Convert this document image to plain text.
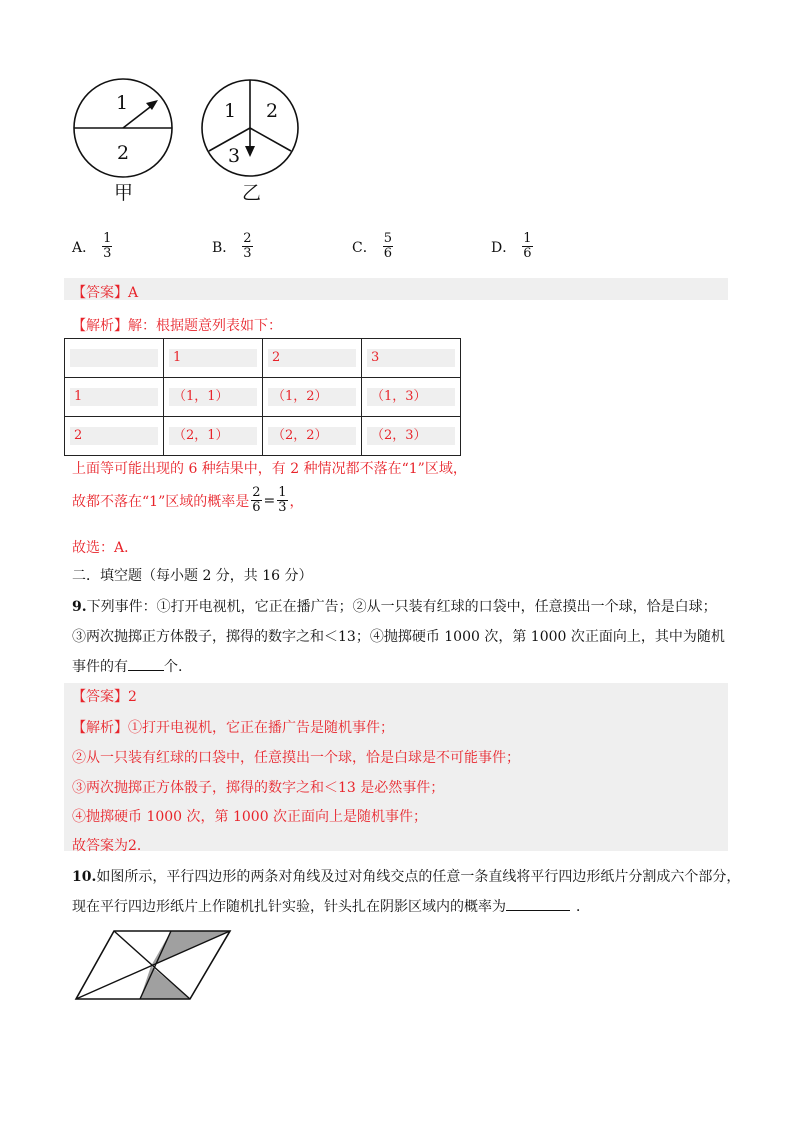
1
2
1 2
3
甲	乙
A． $\frac{1}{3}$	B． $\frac{2}{3}$	C． $\frac{5}{6}$	D． $\frac{1}{6}$
【答案】A
【解析】解：根据题意列表如下：

	1	2	3

1	（1，1）	（1，2）	（1，3）

2	（2，1）	（2，2）	（2，3）
上面等可能出现的 6 种结果中，有 2 种情况都不落在“1”区域，
故都不落在“1”区域的概率是 $\frac{2}{6} = \frac{1}{3}$ ，
故选：A．
二．填空题（每小题 2 分，共 16 分）
9.下列事件：①打开电视机，它正在播广告；②从一只装有红球的口袋中，任意摸出一个球，恰是白球；
③两次抛掷正方体骰子，掷得的数字之和＜13；④抛掷硬币 1000 次，第 1000 次正面向上，其中为随机
事件的有	个.
【答案】2
【解析】①打开电视机，它正在播广告是随机事件；
②从一只装有红球的口袋中，任意摸出一个球，恰是白球是不可能事件；
③两次抛掷正方体骰子，掷得的数字之和＜13 是必然事件；
④抛掷硬币 1000 次，第 1000 次正面向上是随机事件；
故答案为2．
10.如图所示，平行四边形的两条对角线及过对角线交点的任意一条直线将平行四边形纸片分割成六个部分，
现在平行四边形纸片上作随机扎针实验，针头扎在阴影区域内的概率为	．
